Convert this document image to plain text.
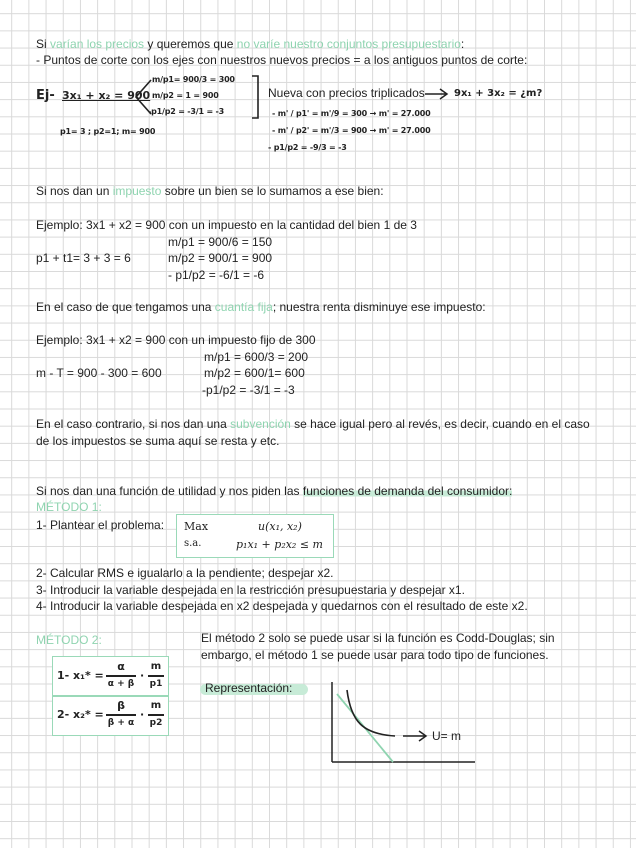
Si varían los precios y queremos que no varíe nuestro conjuntos presupuestario:
- Puntos de corte con los ejes con nuestros nuevos precios = a los antiguos puntos de corte:
Ej- 3x₁ + x₂ = 900
m/p1= 900/3 = 300
m/p2 = 1 = 900
-p1/p2 = -3/1 = -3
p1= 3 ; p2=1; m= 900
Nueva con precios triplicados	9x₁ + 3x₂ = ¿m?
- m' / p1' = m'/9 = 300 → m' = 27.000
- m' / p2' = m'/3 = 900 → m' = 27.000
- p1/p2 = -9/3 = -3
Si nos dan un impuesto sobre un bien se lo sumamos a ese bien:
Ejemplo: 3x1 + x2 = 900 con un impuesto en la cantidad del bien 1 de 3
m/p1 = 900/6 = 150
p1 + t1= 3 + 3 = 6	m/p2 = 900/1 = 900
- p1/p2 = -6/1 = -6
En el caso de que tengamos una cuantía fija; nuestra renta disminuye ese impuesto:
Ejemplo: 3x1 + x2 = 900 con un impuesto fijo de 300
m/p1 = 600/3 = 200
m - T = 900 - 300 = 600	m/p2 = 600/1= 600
-p1/p2 = -3/1 = -3
En el caso contrario, si nos dan una subvención se hace igual pero al revés, es decir, cuando en el caso
de los impuestos se suma aquí se resta y etc.
Si nos dan una función de utilidad y nos piden las funciones de demanda del consumidor:
MÉTODO 1:
1- Plantear el problema: Max	u(x₁, x₂)
s.a.	p₁x₁ + p₂x₂ ≤ m
2- Calcular RMS e igualarlo a la pendiente; despejar x2.
3- Introducir la variable despejada en la restricción presupuestaria y despejar x1.
4- Introducir la variable despejada en x2 despejada y quedarnos con el resultado de este x2.
MÉTODO 2:	El método 2 solo se puede usar si la función es Codd-Douglas; sin
embargo, el método 1 se puede usar para todo tipo de funciones.
1- x₁* =
α
α + β
·
m
p1
2- x₂* =
β
β + α
·
m
p2
Representación:
U= m
